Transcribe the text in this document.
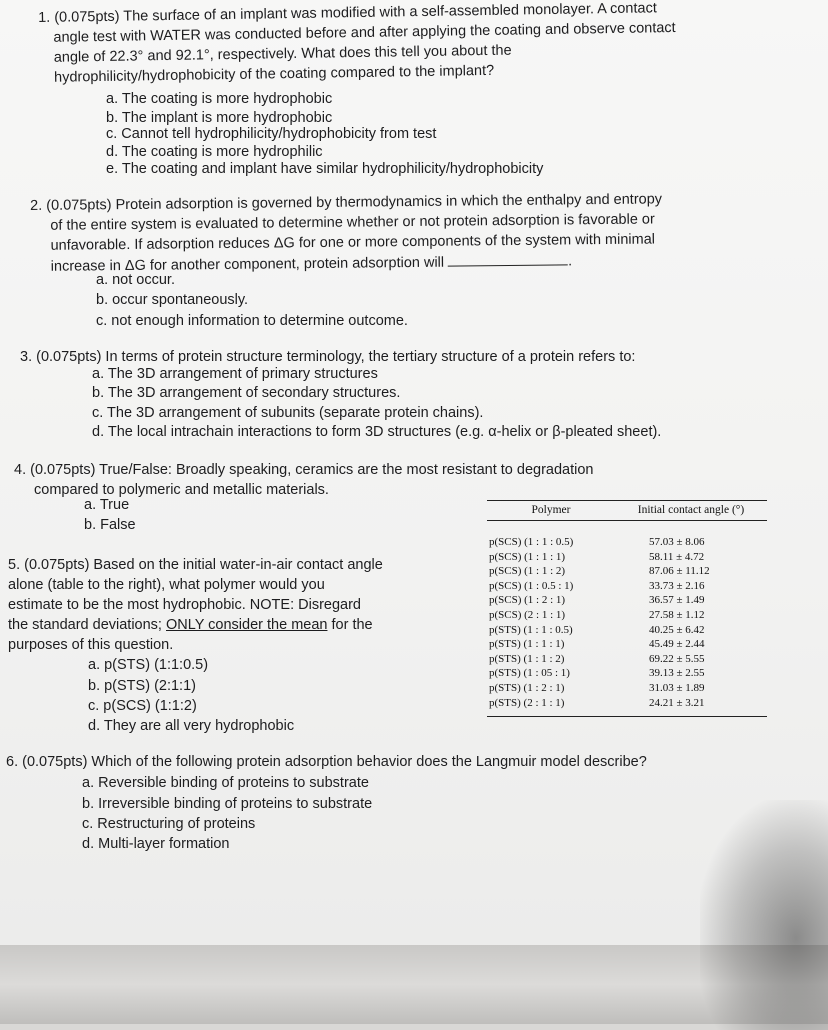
1. (0.075pts) The surface of an implant was modified with a self-assembled monolayer. A contact
angle test with WATER was conducted before and after applying the coating and observe contact
angle of 22.3° and 92.1°, respectively. What does this tell you about the
hydrophilicity/hydrophobicity of the coating compared to the implant?
a. The coating is more hydrophobic
b. The implant is more hydrophobic
c. Cannot tell hydrophilicity/hydrophobicity from test
d. The coating is more hydrophilic
e. The coating and implant have similar hydrophilicity/hydrophobicity
2. (0.075pts) Protein adsorption is governed by thermodynamics in which the enthalpy and entropy
of the entire system is evaluated to determine whether or not protein adsorption is favorable or
unfavorable. If adsorption reduces ΔG for one or more components of the system with minimal
increase in ΔG for another component, protein adsorption will	.
a. not occur.
b. occur spontaneously.
c. not enough information to determine outcome.
3. (0.075pts) In terms of protein structure terminology, the tertiary structure of a protein refers to:
a. The 3D arrangement of primary structures
b. The 3D arrangement of secondary structures.
c. The 3D arrangement of subunits (separate protein chains).
d. The local intrachain interactions to form 3D structures (e.g. α-helix or β-pleated sheet).
4. (0.075pts) True/False: Broadly speaking, ceramics are the most resistant to degradation
compared to polymeric and metallic materials.
a. True
b. False
5. (0.075pts) Based on the initial water-in-air contact angle
alone (table to the right), what polymer would you
estimate to be the most hydrophobic. NOTE: Disregard
the standard deviations; ONLY consider the mean for the
purposes of this question.
a. p(STS) (1:1:0.5)
b. p(STS) (2:1:1)
c. p(SCS) (1:1:2)
d. They are all very hydrophobic
Polymer	Initial contact angle (°)
p(SCS) (1 : 1 : 0.5)	57.03 ± 8.06
p(SCS) (1 : 1 : 1)	58.11 ± 4.72
p(SCS) (1 : 1 : 2)	87.06 ± 11.12
p(SCS) (1 : 0.5 : 1)	33.73 ± 2.16
p(SCS) (1 : 2 : 1)	36.57 ± 1.49
p(SCS) (2 : 1 : 1)	27.58 ± 1.12
p(STS) (1 : 1 : 0.5)	40.25 ± 6.42
p(STS) (1 : 1 : 1)	45.49 ± 2.44
p(STS) (1 : 1 : 2)	69.22 ± 5.55
p(STS) (1 : 05 : 1)	39.13 ± 2.55
p(STS) (1 : 2 : 1)	31.03 ± 1.89
p(STS) (2 : 1 : 1)	24.21 ± 3.21
6. (0.075pts) Which of the following protein adsorption behavior does the Langmuir model describe?
a. Reversible binding of proteins to substrate
b. Irreversible binding of proteins to substrate
c. Restructuring of proteins
d. Multi-layer formation
